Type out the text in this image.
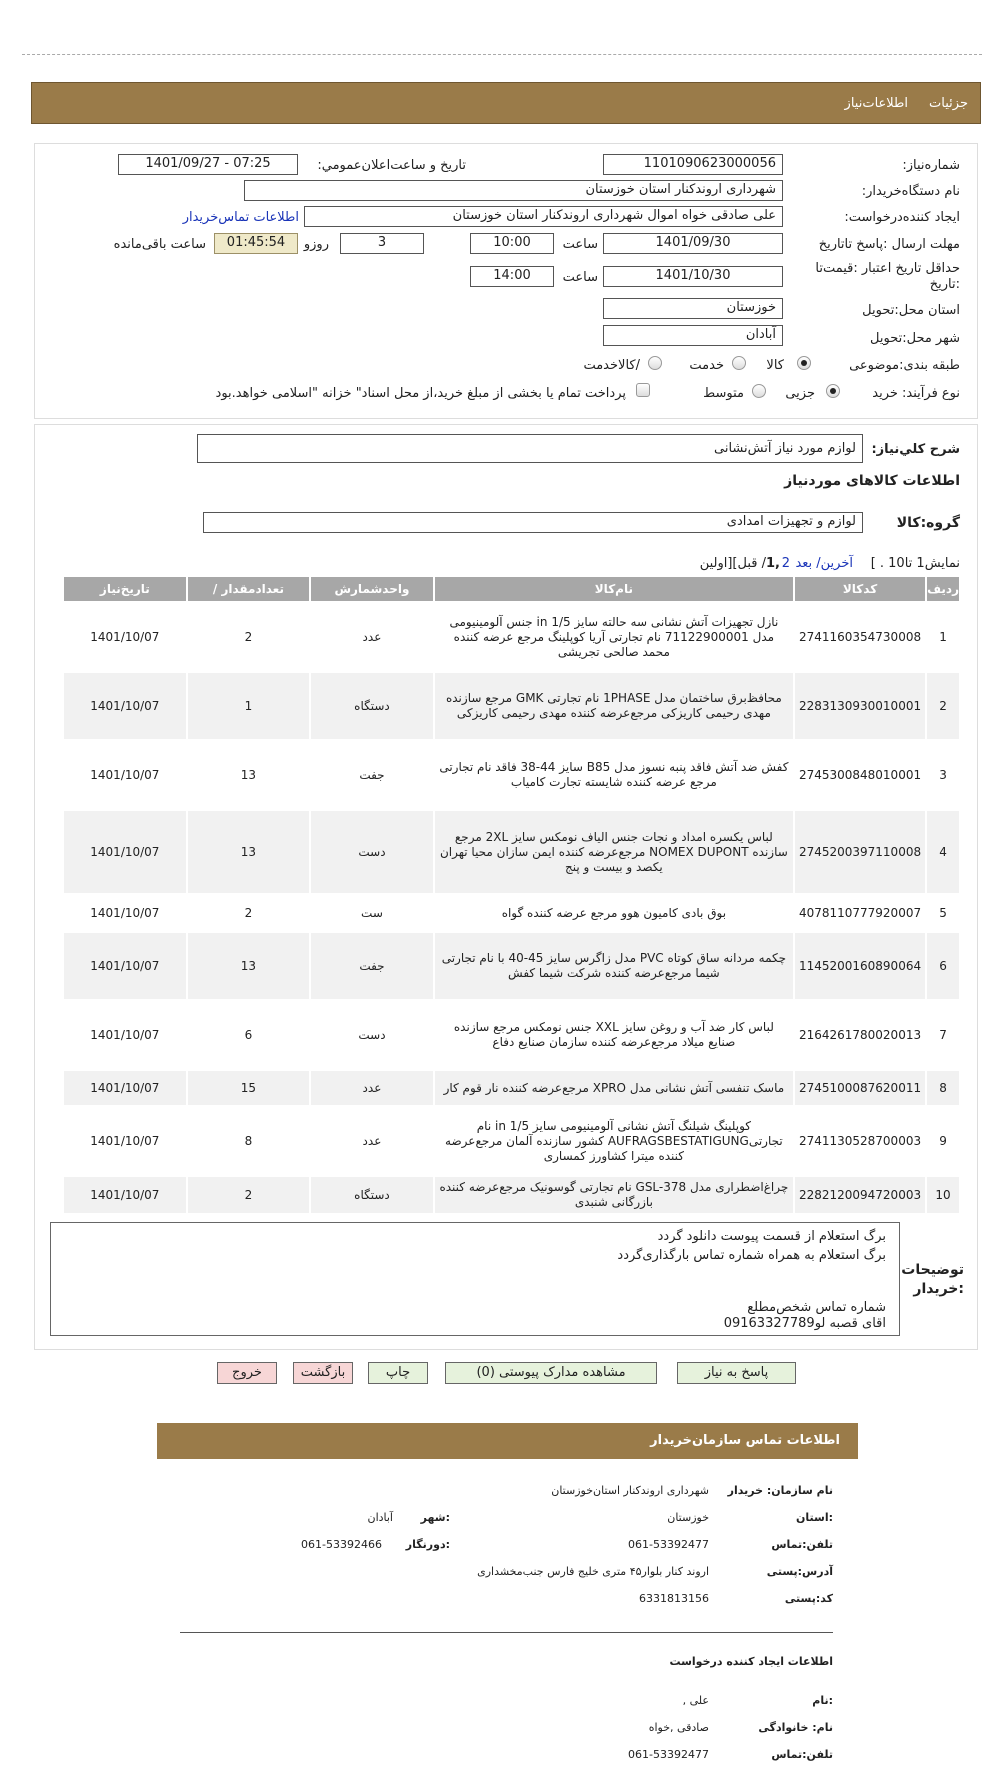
جزئیات
اطلاعات‌نیاز
شماره‌نیاز:
1101090623000056
تاریخ و ساعت‌اعلان‌عمومي:
1401/09/27 - 07:25
نام دستگاه‌خریدار:
شهرداری اروندکنار استان خوزستان
ایجاد کننده‌درخواست:
علی صادقی خواه اموال شهرداری اروندکنار استان خوزستان
اطلاعات تماس‌خریدار
مهلت ارسال :پاسخ تا‌تاریخ
1401/09/30
ساعت
10:00
3
روزو
01:45:54
ساعت باقی‌مانده
حداقل تاریخ اعتبار :قیمت‌تا
:تاریخ
1401/10/30
ساعت
14:00
استان محل:تحویل
خوزستان
شهر محل:تحویل
آبادان
طبقه بندی:موضوعی
کالا
خدمت
/کالاخدمت
نوع فرآیند: خرید
جزیی
متوسط
پرداخت تمام یا بخشی از مبلغ خرید،از محل اسناد" خزانه "اسلامی خواهد.بود
شرح کلي‌نیاز:
لوازم مورد نیاز آتش‌نشانی
اطلاعات کالاهای مورد‌نیاز
گروه‌:کالا
لوازم و تجهیزات امدادی
نمایش1 تا10 . ]
آخرین/ بعد
2
,1
/ قبل][اولین
تاریخ‌نیاز	/ تعداد‌مقدار	واحد‌شمارش	نام‌کالا	کدکالا	ردیف
1401/10/07	2	عدد	نازل تجهیزات آتش نشانی سه حالته سایز 1/5 in جنس آلومینیومی مدل 71122900001 نام تجارتی آریا کوپلینگ مرجع عرضه کننده محمد صالحی تجریشی	2741160354730008	1
1401/10/07	1	دستگاه	محافظ‌برق ساختمان مدل 1PHASE نام تجارتی GMK مرجع سازنده مهدی رحیمی کاریزکی مرجع‌عرضه کننده مهدی رحیمی کاریزکی	2283130930010001	2
1401/10/07	13	جفت	کفش ضد آتش فاقد پنبه نسوز مدل B85 سایز 44-38 فاقد نام تجارتی مرجع عرضه کننده شایسته تجارت کامیاب	2745300848010001	3
1401/10/07	13	دست	لباس یکسره امداد و نجات جنس الیاف نومکس سایز 2XL مرجع سازنده NOMEX DUPONT مرجع‌عرضه کننده ایمن سازان محیا تهران یکصد و بیست و پنج	2745200397110008	4
1401/10/07	2	ست	بوق بادی کامیون هوو مرجع عرضه کننده گواه	4078110777920007	5
1401/10/07	13	جفت	چکمه مردانه ساق کوتاه PVC مدل زاگرس سایز 45-40 با نام تجارتی شیما مرجع‌عرضه کننده شرکت شیما کفش	1145200160890064	6
1401/10/07	6	دست	لباس کار ضد آب و روغن سایز XXL جنس نومکس مرجع سازنده صنایع میلاد مرجع‌عرضه کننده سازمان صنایع دفاع	2164261780020013	7
1401/10/07	15	عدد	ماسک تنفسی آتش نشانی مدل XPRO مرجع‌عرضه کننده نار قوم کار	2745100087620011	8
1401/10/07	8	عدد	کوپلینگ شیلنگ آتش نشانی آلومینیومی سایز 1/5 in نام تجارتیAUFRAGSBESTATIGUNG کشور سازنده آلمان مرجع‌عرضه کننده میترا کشاورز کمساری	2741130528700003	9
1401/10/07	2	دستگاه	چراغ‌اضطراری مدل GSL-378 نام تجارتی گوسونیک مرجع‌عرضه کننده بازرگانی شنبدی	2282120094720003	10
توضیحات
:خریدار
برگ استعلام از قسمت پیوست دانلود گردد
برگ استعلام به همراه شماره تماس بارگذاری‌گردد
شماره تماس شخص‌مطلع
اقای قصبه لو09163327789
پاسخ به نیاز
مشاهده مدارک پیوستی (0)
چاپ
بازگشت
خروج
اطلاعات تماس سازمان‌خریدار
نام سازمان: خریدار
شهرداری اروندکنار استان‌خوزستان
:استان
خوزستان
:شهر
آبادان
تلفن:تماس
061-53392477
:دورنگار
061-53392466
آدرس:پستی
اروند کنار بلوار۴۵ متری خلیج فارس جنب‌مخشداری
کد:پستی
6331813156
اطلاعات ایجاد کننده‌ درخواست
:نام
علی ,
نام: خانوادگی
صادقی ,خواه
تلفن:تماس
061-53392477
